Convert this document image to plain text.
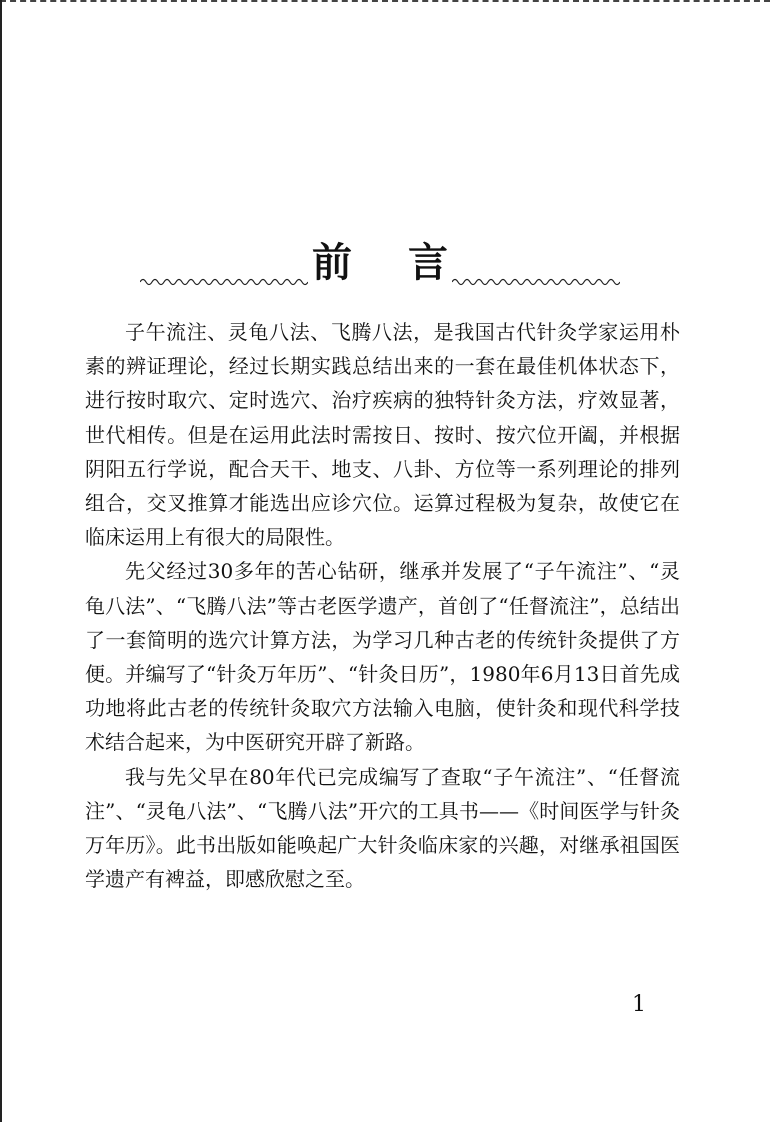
前 言

子午流注、灵龟八法、飞腾八法，是我国古代针灸学家运用朴素的辨证理论，经过长期实践总结出来的一套在最佳机体状态下，进行按时取穴、定时选穴、治疗疾病的独特针灸方法，疗效显著，世代相传。但是在运用此法时需按日、按时、按穴位开阖，并根据阴阳五行学说，配合天干、地支、八卦、方位等一系列理论的排列组合，交叉推算才能选出应诊穴位。运算过程极为复杂，故使它在临床运用上有很大的局限性。

先父经过30多年的苦心钻研，继承并发展了“子午流注”、“灵龟八法”、“飞腾八法”等古老医学遗产，首创了“任督流注”，总结出了一套简明的选穴计算方法，为学习几种古老的传统针灸提供了方便。并编写了“针灸万年历”、“针灸日历”，1980年6月13日首先成功地将此古老的传统针灸取穴方法输入电脑，使针灸和现代科学技术结合起来，为中医研究开辟了新路。

我与先父早在80年代已完成编写了查取“子午流注”、“任督流注”、“灵龟八法”、“飞腾八法”开穴的工具书——《时间医学与针灸万年历》。此书出版如能唤起广大针灸临床家的兴趣，对继承祖国医学遗产有裨益，即感欣慰之至。

1
